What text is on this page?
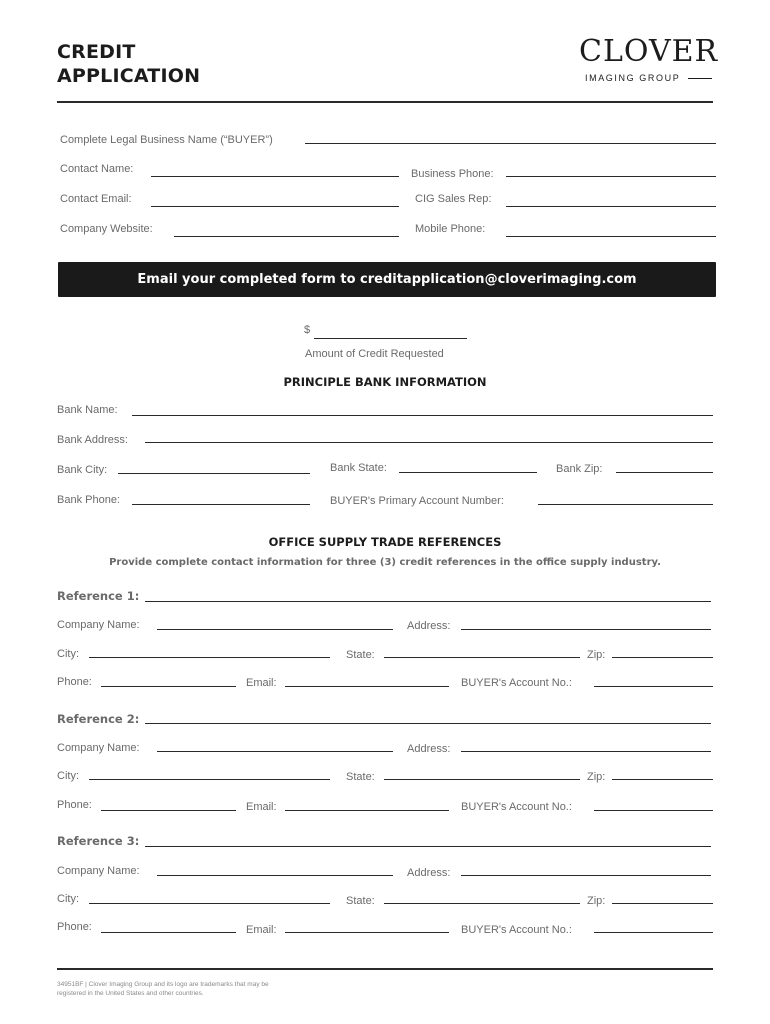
CREDIT
APPLICATION
CLOVER
IMAGING GROUP
Complete Legal Business Name (“BUYER”)
Contact Name:	Business Phone:
Contact Email:	CIG Sales Rep:
Company Website:	Mobile Phone:
Email your completed form to creditapplication@cloverimaging.com
$
Amount of Credit Requested
PRINCIPLE BANK INFORMATION
Bank Name:
Bank Address:
Bank City:	Bank State:	Bank Zip:
Bank Phone:	BUYER's Primary Account Number:
OFFICE SUPPLY TRADE REFERENCES
Provide complete contact information for three (3) credit references in the office supply industry.
Reference 1:
Company Name:	Address:
City:	State:	Zip:
Phone:	Email:	BUYER's Account No.:
Reference 2:
Company Name:	Address:
City:	State:	Zip:
Phone:	Email:	BUYER's Account No.:
Reference 3:
Company Name:	Address:
City:	State:	Zip:
Phone:	Email:	BUYER's Account No.:
34951BF | Clover Imaging Group and its logo are trademarks that may be registered in the United States and other countries.
